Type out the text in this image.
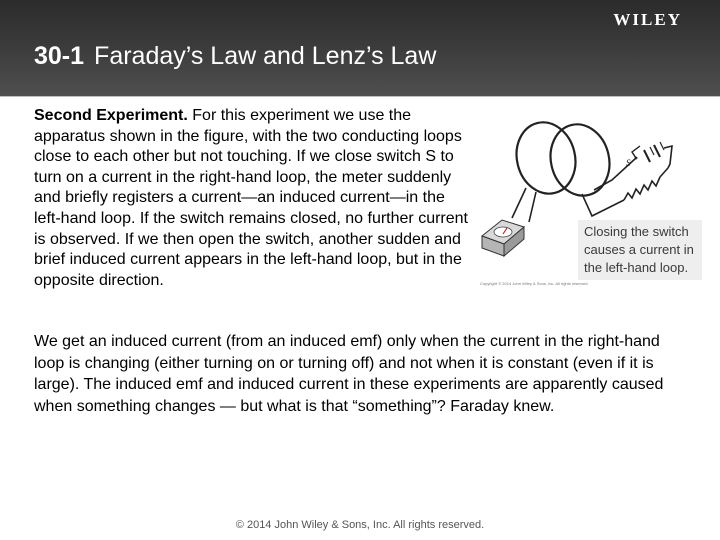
WILEY
30-1 Faraday’s Law and Lenz’s Law
Second Experiment. For this experiment we use the apparatus shown in the figure, with the two conducting loops close to each other but not touching. If we close switch S to turn on a current in the right-hand loop, the meter suddenly and briefly registers a current—an induced current—in the left-hand loop. If the switch remains closed, no further current is observed. If we then open the switch, another sudden and brief induced current appears in the left-hand loop, but in the opposite direction.
S
Closing the switch causes a current in the left-hand loop.
Copyright © 2014 John Wiley & Sons, Inc. All rights reserved.
We get an induced current (from an induced emf) only when the current in the right-hand loop is changing (either turning on or turning off) and not when it is constant (even if it is large). The induced emf and induced current in these experiments are apparently caused when something changes — but what is that “something”? Faraday knew.
© 2014 John Wiley & Sons, Inc. All rights reserved.
